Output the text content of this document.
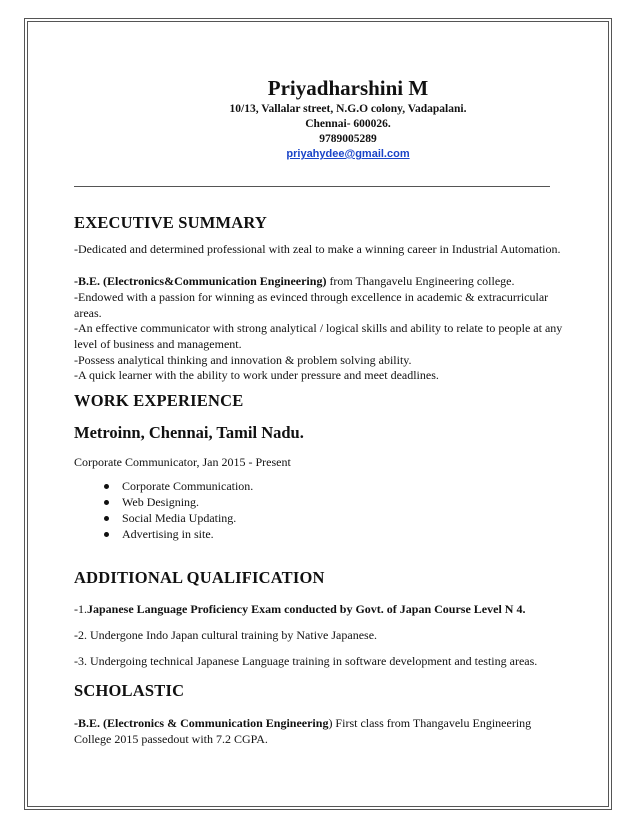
Priyadharshini M
10/13, Vallalar street, N.G.O colony, Vadapalani.
Chennai- 600026.
9789005289
priyahydee@gmail.com
EXECUTIVE SUMMARY
-Dedicated and determined professional with zeal to make a winning career in Industrial Automation.
-B.E. (Electronics&Communication Engineering) from Thangavelu Engineering college.
-Endowed with a passion for winning as evinced through excellence in academic & extracurricular areas.
-An effective communicator with strong analytical / logical skills and ability to relate to people at any level of business and management.
-Possess analytical thinking and innovation & problem solving ability.
-A quick learner with the ability to work under pressure and meet deadlines.
WORK EXPERIENCE
Metroinn, Chennai, Tamil Nadu.
Corporate Communicator, Jan 2015 - Present
Corporate Communication.
Web Designing.
Social Media Updating.
Advertising in site.
ADDITIONAL QUALIFICATION
-1.Japanese Language Proficiency Exam conducted by Govt. of Japan Course Level N 4.
-2. Undergone Indo Japan cultural training by Native Japanese.
-3. Undergoing technical Japanese Language training in software development and testing areas.
SCHOLASTIC
-B.E. (Electronics & Communication Engineering) First class from Thangavelu Engineering College 2015 passedout with 7.2 CGPA.
